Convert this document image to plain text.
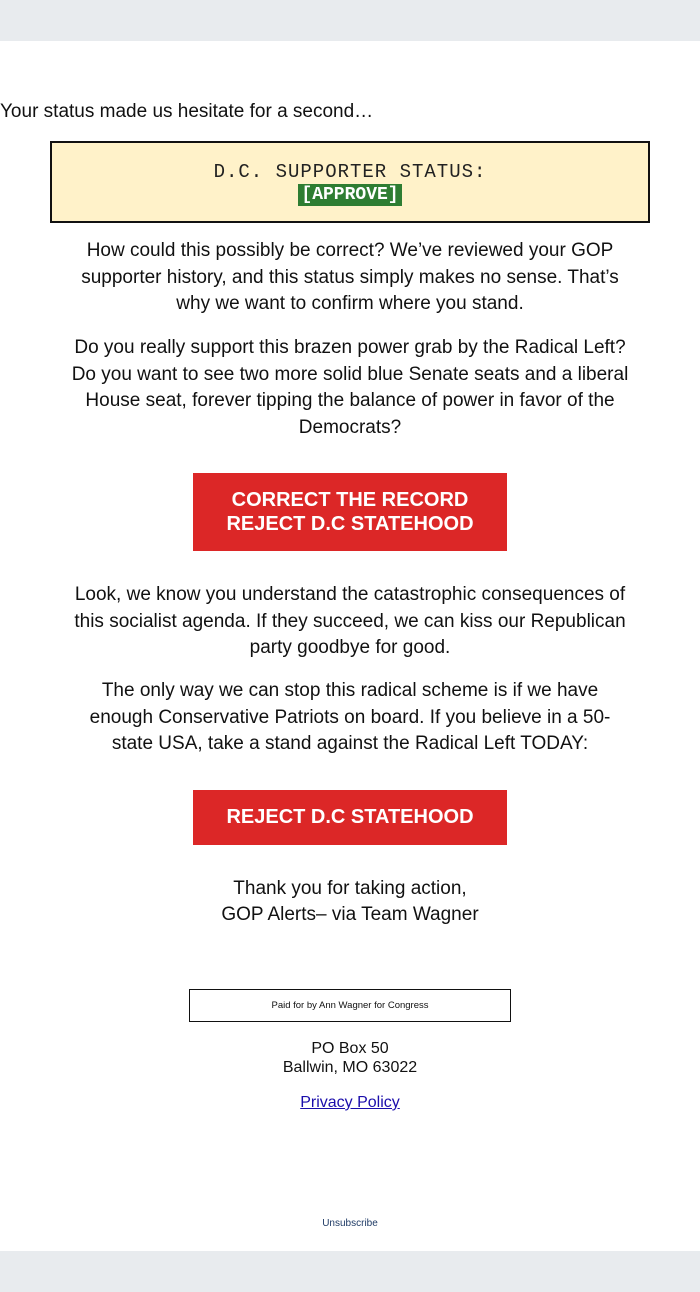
Your status made us hesitate for a second…
D.C. SUPPORTER STATUS:
[APPROVE]
How could this possibly be correct? We’ve reviewed your GOP supporter history, and this status simply makes no sense. That’s why we want to confirm where you stand.
Do you really support this brazen power grab by the Radical Left? Do you want to see two more solid blue Senate seats and a liberal House seat, forever tipping the balance of power in favor of the Democrats?
CORRECT THE RECORD
REJECT D.C STATEHOOD
Look, we know you understand the catastrophic consequences of this socialist agenda. If they succeed, we can kiss our Republican party goodbye for good.
The only way we can stop this radical scheme is if we have enough Conservative Patriots on board. If you believe in a 50-state USA, take a stand against the Radical Left TODAY:
REJECT D.C STATEHOOD
Thank you for taking action,
GOP Alerts– via Team Wagner
Paid for by Ann Wagner for Congress
PO Box 50
Ballwin, MO 63022
Privacy Policy
Unsubscribe
